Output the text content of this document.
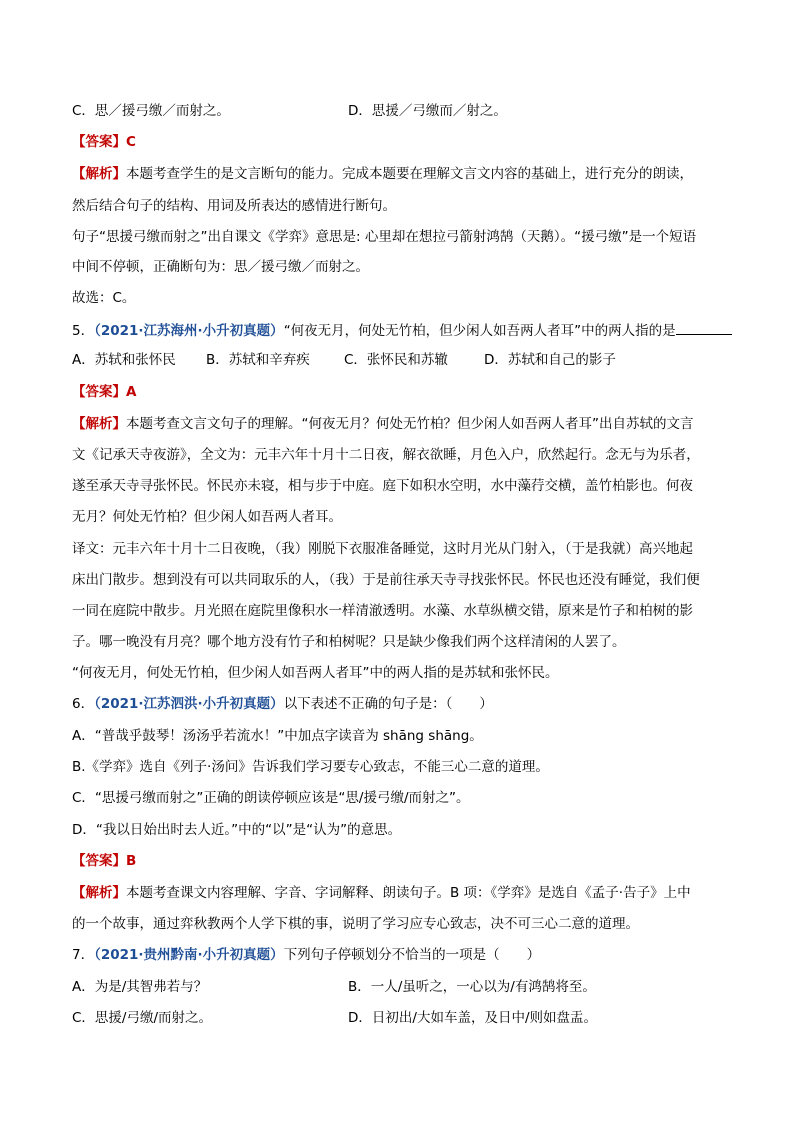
C．思／援弓缴／而射之。	D．思援／弓缴而／射之。
【答案】C
【解析】本题考查学生的是文言断句的能力。完成本题要在理解文言文内容的基础上，进行充分的朗读，
然后结合句子的结构、用词及所表达的感情进行断句。
句子“思援弓缴而射之”出自课文《学弈》意思是: 心里却在想拉弓箭射鸿鹄（天鹅）。“援弓缴”是一个短语
中间不停顿，正确断句为：思／援弓缴／而射之。
故选：C。
5．（2021·江苏海州·小升初真题）“何夜无月，何处无竹柏，但少闲人如吾两人者耳”中的两人指的是
A．苏轼和张怀民 B．苏轼和辛弃疾	C．张怀民和苏辙	D．苏轼和自己的影子
【答案】A
【解析】本题考查文言文句子的理解。“何夜无月？何处无竹柏？但少闲人如吾两人者耳”出自苏轼的文言
文《记承天寺夜游》，全文为：元丰六年十月十二日夜，解衣欲睡，月色入户，欣然起行。念无与为乐者，
遂至承天寺寻张怀民。怀民亦未寝，相与步于中庭。庭下如积水空明，水中藻荇交横，盖竹柏影也。何夜
无月？何处无竹柏？但少闲人如吾两人者耳。
译文：元丰六年十月十二日夜晚，（我）刚脱下衣服准备睡觉，这时月光从门射入，（于是我就）高兴地起
床出门散步。想到没有可以共同取乐的人，（我）于是前往承天寺寻找张怀民。怀民也还没有睡觉，我们便
一同在庭院中散步。月光照在庭院里像积水一样清澈透明。水藻、水草纵横交错，原来是竹子和柏树的影
子。哪一晚没有月亮？哪个地方没有竹子和柏树呢？只是缺少像我们两个这样清闲的人罢了。
“何夜无月，何处无竹柏，但少闲人如吾两人者耳”中的两人指的是苏轼和张怀民。
6．（2021·江苏泗洪·小升初真题）以下表述不正确的句子是：（　　）
A．“普哉乎鼓琴！汤汤乎若流水！”中加点字读音为 shāng shāng。
B.《学弈》选自《列子·汤问》告诉我们学习要专心致志，不能三心二意的道理。
C．“思援弓缴而射之”正确的朗读停顿应该是“思/援弓缴/而射之”。
D．“我以日始出时去人近。”中的“以”是“认为”的意思。
【答案】B
【解析】本题考查课文内容理解、字音、字词解释、朗读句子。B 项：《学弈》是选自《孟子·告子》上中
的一个故事，通过弈秋教两个人学下棋的事，说明了学习应专心致志，决不可三心二意的道理。
7．（2021·贵州黔南·小升初真题）下列句子停顿划分不恰当的一项是（　　）
A．为是/其智弗若与？	B．一人/虽听之，一心以为/有鸿鹄将至。
C．思援/弓缴/而射之。	D．日初出/大如车盖，及日中/则如盘盂。
